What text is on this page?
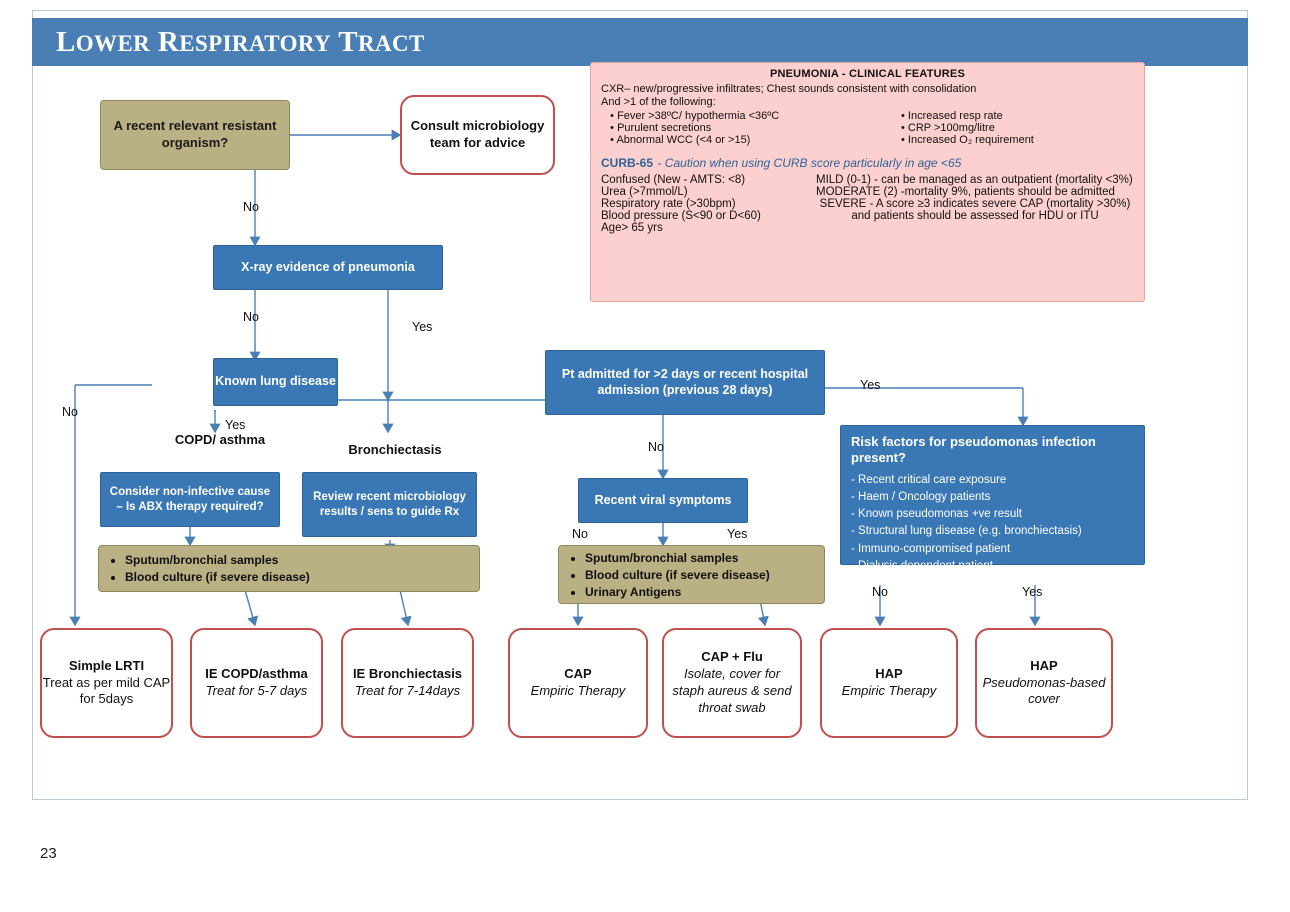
LOWER RESPIRATORY TRACT
A recent relevant resistant organism?
Consult microbiology team for advice
No
X-ray evidence of pneumonia
No
Yes
Known lung disease
No
Yes
COPD/ asthma
Bronchiectasis
Consider non-infective cause – Is ABX therapy required?
Review recent microbiology results / sens to guide Rx
• Sputum/bronchial samples
• Blood culture (if severe disease)
Pt admitted for >2 days or recent hospital admission (previous 28 days)	Yes
No
Recent viral symptoms
No	Yes
• Sputum/bronchial samples
• Blood culture (if severe disease)
• Urinary Antigens
Risk factors for pseudomonas infection present?
- Recent critical care exposure
- Haem / Oncology patients
- Known pseudomonas +ve result
- Structural lung disease (e.g. bronchiectasis)
- Immuno-compromised patient
- Dialysis dependent patient
No	Yes
Simple LRTI
Treat as per mild CAP for 5days
IE COPD/asthma
Treat for 5-7 days
IE Bronchiectasis
Treat for 7-14days
CAP
Empiric Therapy
CAP + Flu
Isolate, cover for staph aureus & send throat swab
HAP
Empiric Therapy
HAP
Pseudomonas-based cover
PNEUMONIA - CLINICAL FEATURES
CXR– new/progressive infiltrates; Chest sounds consistent with consolidation
And >1 of the following:
• Fever >38ºC/ hypothermia <36ºC
• Purulent secretions
• Abnormal WCC (<4 or >15)
• Increased resp rate
• CRP >100mg/litre
• Increased O₂ requirement
CURB-65 - Caution when using CURB score particularly in age <65
Confused (New - AMTS: <8)
Urea (>7mmol/L)
Respiratory rate (>30bpm)
Blood pressure (S<90 or D<60)
Age> 65 yrs
MILD (0-1) - can be managed as an outpatient (mortality <3%)
MODERATE (2) -mortality 9%, patients should be admitted
SEVERE - A score ≥3 indicates severe CAP (mortality >30%) and patients should be assessed for HDU or ITU
23
